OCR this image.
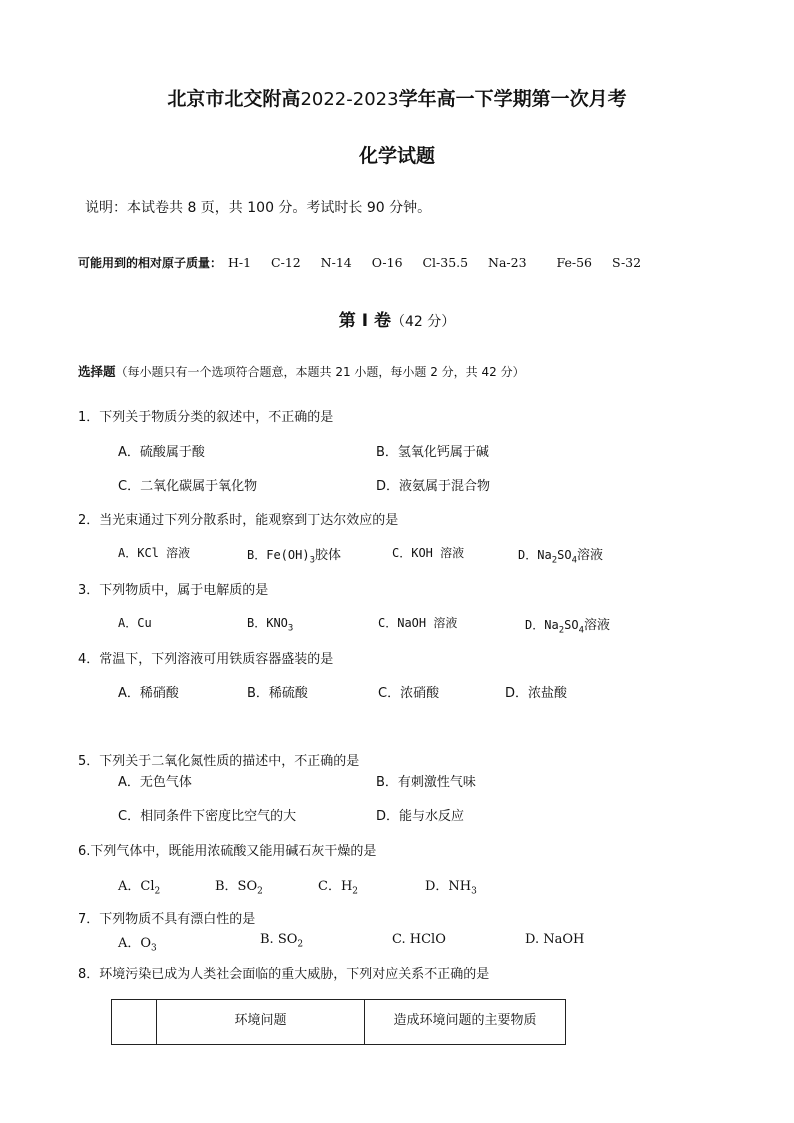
北京市北交附高2022-2023学年高一下学期第一次月考
化学试题
说明：本试卷共 8 页，共 100 分。考试时长 90 分钟。
可能用到的相对原子质量： H-1  C-12  N-14  O-16  Cl-35.5  Na-23   Fe-56  S-32
第 Ⅰ 卷（42 分）
选择题（每小题只有一个选项符合题意，本题共 21 小题，每小题 2 分，共 42 分）
1．下列关于物质分类的叙述中，不正确的是
A．硫酸属于酸	B．氢氧化钙属于碱
C．二氧化碳属于氧化物	D．液氨属于混合物
2．当光束通过下列分散系时，能观察到丁达尔效应的是
A．KCl 溶液	B．$Fe(OH)_3$胶体	C．KOH 溶液	D．$Na_2SO_4$溶液
3．下列物质中，属于电解质的是
A．Cu	B．$KNO_3$	C．NaOH 溶液	D．$Na_2SO_4$溶液
4．常温下，下列溶液可用铁质容器盛装的是
A．稀硝酸	B．稀硫酸	C．浓硝酸	D．浓盐酸
5．下列关于二氧化氮性质的描述中，不正确的是
A．无色气体	B．有刺激性气味
C．相同条件下密度比空气的大	D．能与水反应
6.下列气体中，既能用浓硫酸又能用碱石灰干燥的是
A．$Cl_2$	B．$SO_2$	C．$H_2$	D．$NH_3$
7．下列物质不具有漂白性的是
A．$O_3$
B. $SO_2$	C. HClO	D. NaOH
8．环境污染已成为人类社会面临的重大威胁，下列对应关系不正确的是
	环境问题	造成环境问题的主要物质
